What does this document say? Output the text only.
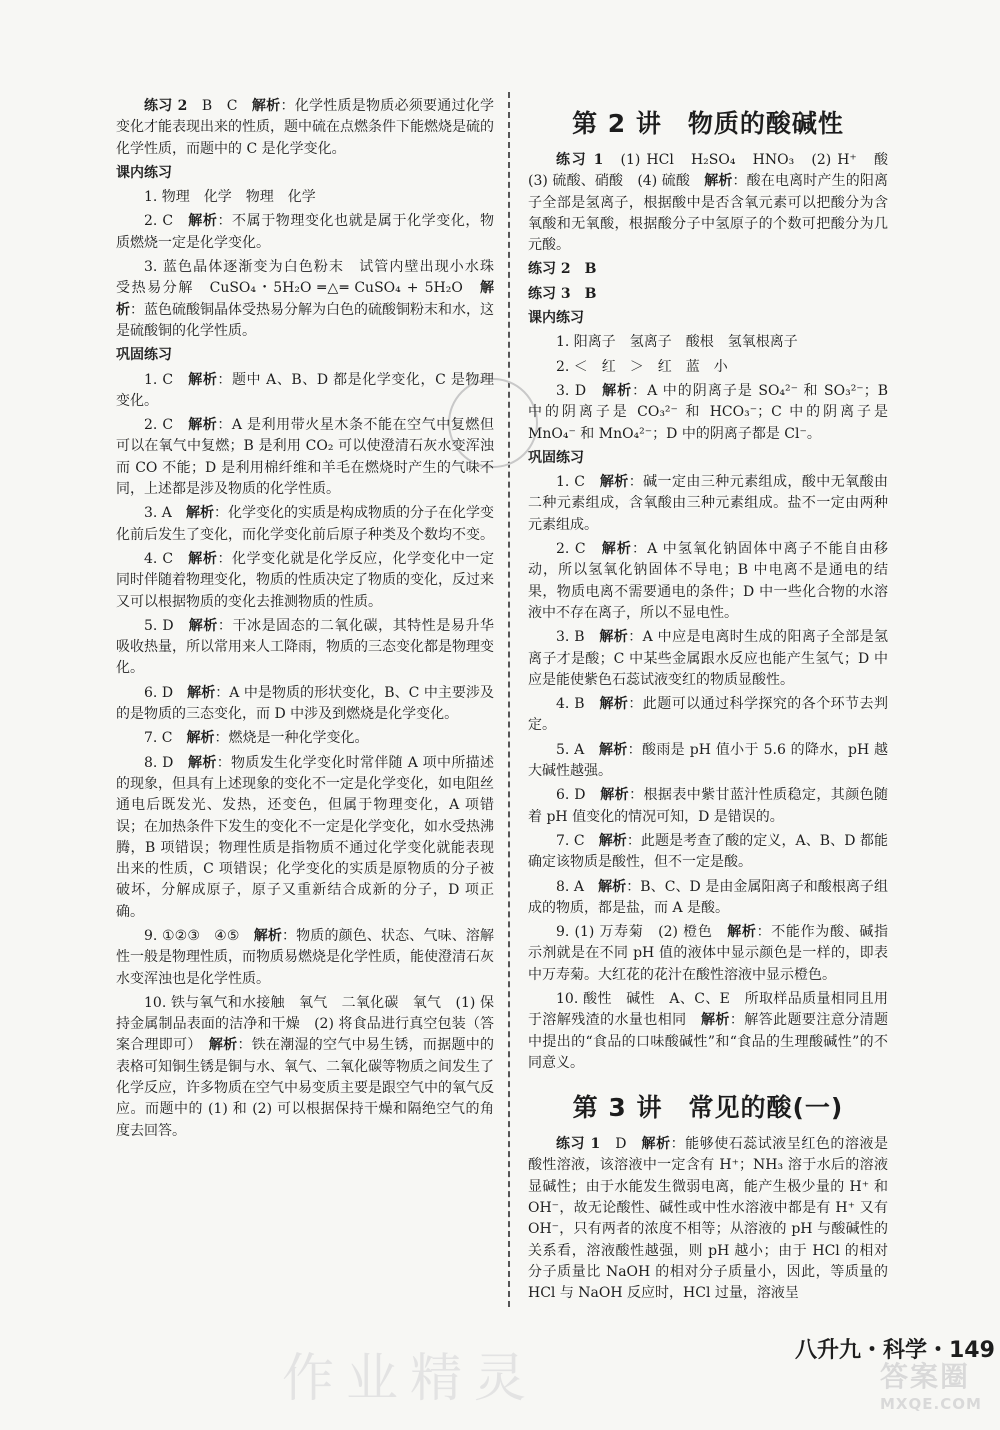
练习 2　B　C　解析：化学性质是物质必须要通过化学变化才能表现出来的性质，题中硫在点燃条件下能燃烧是硫的化学性质，而题中的 C 是化学变化。
课内练习
1. 物理　化学　物理　化学
2. C　解析：不属于物理变化也就是属于化学变化，物质燃烧一定是化学变化。
3. 蓝色晶体逐渐变为白色粉末　试管内壁出现小水珠　受热易分解　CuSO₄・5H₂O ═△═ CuSO₄ + 5H₂O　解析：蓝色硫酸铜晶体受热易分解为白色的硫酸铜粉末和水，这是硫酸铜的化学性质。
巩固练习
1. C　解析：题中 A、B、D 都是化学变化，C 是物理变化。
2. C　解析：A 是利用带火星木条不能在空气中复燃但可以在氧气中复燃；B 是利用 CO₂ 可以使澄清石灰水变浑浊而 CO 不能；D 是利用棉纤维和羊毛在燃烧时产生的气味不同，上述都是涉及物质的化学性质。
3. A　解析：化学变化的实质是构成物质的分子在化学变化前后发生了变化，而化学变化前后原子种类及个数均不变。
4. C　解析：化学变化就是化学反应，化学变化中一定同时伴随着物理变化，物质的性质决定了物质的变化，反过来又可以根据物质的变化去推测物质的性质。
5. D　解析：干冰是固态的二氧化碳，其特性是易升华吸收热量，所以常用来人工降雨，物质的三态变化都是物理变化。
6. D　解析：A 中是物质的形状变化，B、C 中主要涉及的是物质的三态变化，而 D 中涉及到燃烧是化学变化。
7. C　解析：燃烧是一种化学变化。
8. D　解析：物质发生化学变化时常伴随 A 项中所描述的现象，但具有上述现象的变化不一定是化学变化，如电阻丝通电后既发光、发热，还变色，但属于物理变化，A 项错误；在加热条件下发生的变化不一定是化学变化，如水受热沸腾，B 项错误；物理性质是指物质不通过化学变化就能表现出来的性质，C 项错误；化学变化的实质是原物质的分子被破坏，分解成原子，原子又重新结合成新的分子，D 项正确。
9. ①②③　④⑤　解析：物质的颜色、状态、气味、溶解性一般是物理性质，而物质易燃烧是化学性质，能使澄清石灰水变浑浊也是化学性质。
10. 铁与氧气和水接触　氧气　二氧化碳　氧气　(1) 保持金属制品表面的洁净和干燥　(2) 将食品进行真空包装（答案合理即可）　解析：铁在潮湿的空气中易生锈，而据题中的表格可知铜生锈是铜与水、氧气、二氧化碳等物质之间发生了化学反应，许多物质在空气中易变质主要是跟空气中的氧气反应。而题中的 (1) 和 (2) 可以根据保持干燥和隔绝空气的角度去回答。
第 2 讲　物质的酸碱性
练习 1　(1) HCl　H₂SO₄　HNO₃　(2) H⁺　酸　(3) 硫酸、硝酸　(4) 硫酸　解析：酸在电离时产生的阳离子全部是氢离子，根据酸中是否含氧元素可以把酸分为含氧酸和无氧酸，根据酸分子中氢原子的个数可把酸分为几元酸。
练习 2　B
练习 3　B
课内练习
1. 阳离子　氢离子　酸根　氢氧根离子
2. ＜　红　＞　红　蓝　小
3. D　解析：A 中的阴离子是 SO₄²⁻ 和 SO₃²⁻；B 中的阴离子是 CO₃²⁻ 和 HCO₃⁻；C 中的阴离子是 MnO₄⁻ 和 MnO₄²⁻；D 中的阴离子都是 Cl⁻。
巩固练习
1. C　解析：碱一定由三种元素组成，酸中无氧酸由二种元素组成，含氧酸由三种元素组成。盐不一定由两种元素组成。
2. C　解析：A 中氢氧化钠固体中离子不能自由移动，所以氢氧化钠固体不导电；B 中电离不是通电的结果，物质电离不需要通电的条件；D 中一些化合物的水溶液中不存在离子，所以不显电性。
3. B　解析：A 中应是电离时生成的阳离子全部是氢离子才是酸；C 中某些金属跟水反应也能产生氢气；D 中应是能使紫色石蕊试液变红的物质显酸性。
4. B　解析：此题可以通过科学探究的各个环节去判定。
5. A　解析：酸雨是 pH 值小于 5.6 的降水，pH 越大碱性越强。
6. D　解析：根据表中紫甘蓝汁性质稳定，其颜色随着 pH 值变化的情况可知，D 是错误的。
7. C　解析：此题是考查了酸的定义，A、B、D 都能确定该物质是酸性，但不一定是酸。
8. A　解析：B、C、D 是由金属阳离子和酸根离子组成的物质，都是盐，而 A 是酸。
9. (1) 万寿菊　(2) 橙色　解析：不能作为酸、碱指示剂就是在不同 pH 值的液体中显示颜色是一样的，即表中万寿菊。大红花的花汁在酸性溶液中显示橙色。
10. 酸性　碱性　A、C、E　所取样品质量相同且用于溶解残渣的水量也相同　解析：解答此题要注意分清题中提出的“食品的口味酸碱性”和“食品的生理酸碱性”的不同意义。
第 3 讲　常见的酸(一)
练习 1　D　解析：能够使石蕊试液呈红色的溶液是酸性溶液，该溶液中一定含有 H⁺；NH₃ 溶于水后的溶液显碱性；由于水能发生微弱电离，能产生极少量的 H⁺ 和 OH⁻，故无论酸性、碱性或中性水溶液中都是有 H⁺ 又有 OH⁻，只有两者的浓度不相等；从溶液的 pH 与酸碱性的关系看，溶液酸性越强，则 pH 越小；由于 HCl 的相对分子质量比 NaOH 的相对分子质量小，因此，等质量的 HCl 与 NaOH 反应时，HCl 过量，溶液呈
作业精灵	八升九・科学・149
答案圈
MXQE.COM
